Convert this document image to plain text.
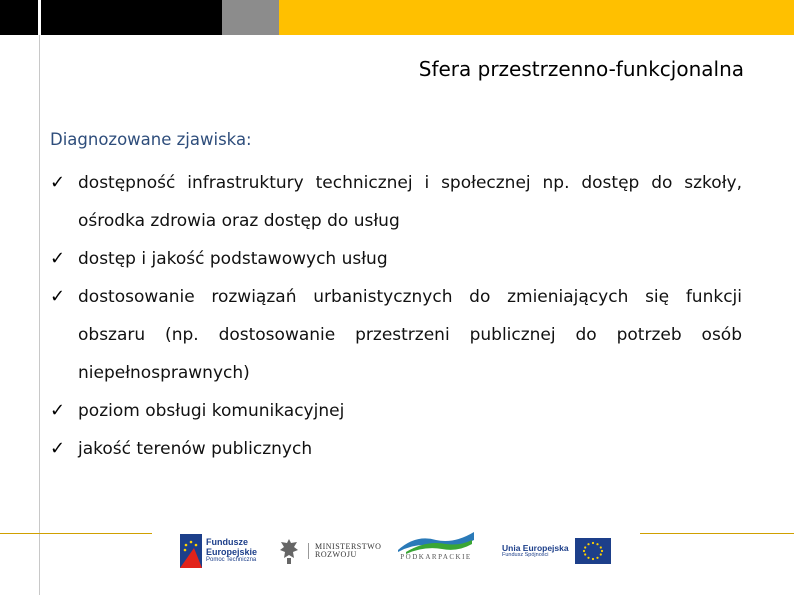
Sfera przestrzenno-funkcjonalna
Diagnozowane zjawiska:
✓ dostępność infrastruktury technicznej i społecznej np. dostęp do szkoły, ośrodka zdrowia oraz dostęp do usług
✓ dostęp i jakość podstawowych usług
✓ dostosowanie rozwiązań urbanistycznych do zmieniających się funkcji obszaru (np. dostosowanie przestrzeni publicznej do potrzeb osób niepełnosprawnych)
✓ poziom obsługi komunikacyjnej
✓ jakość terenów publicznych
Fundusze
Europejskie
Pomoc Techniczna
MINISTERSTWO
ROZWOJU	PODKARPACKIE
Unia Europejska
Fundusz Spójności
